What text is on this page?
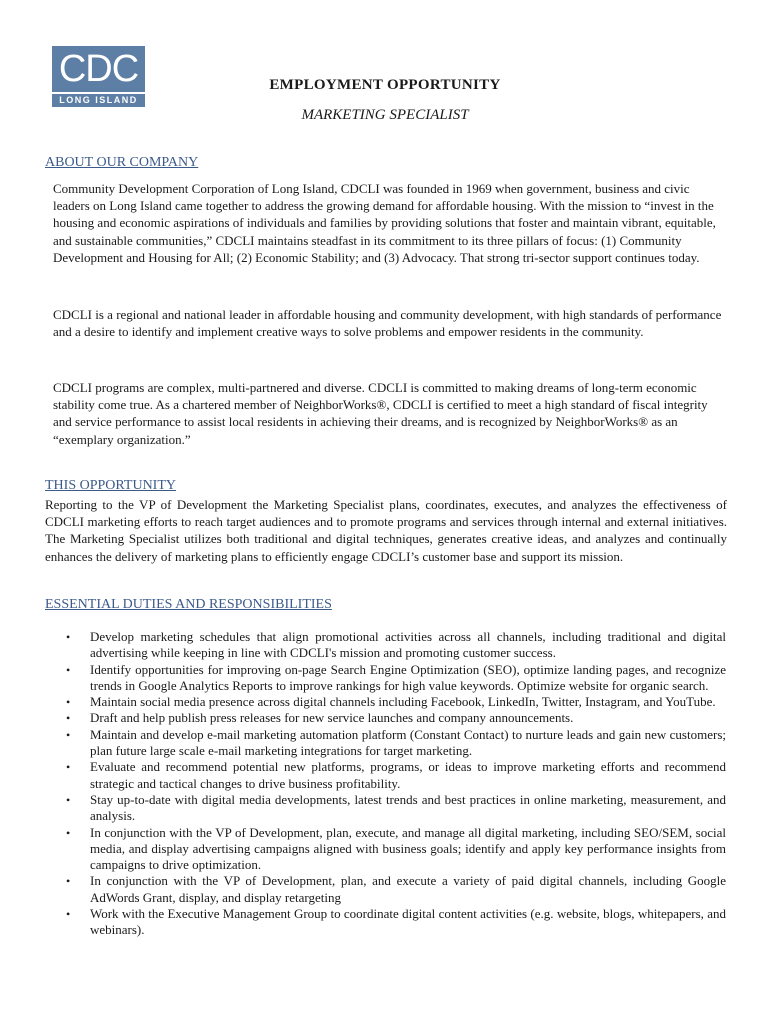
CDC
LONG ISLAND
EMPLOYMENT OPPORTUNITY
MARKETING SPECIALIST
ABOUT OUR COMPANY

Community Development Corporation of Long Island, CDCLI was founded in 1969 when government, business and civic leaders on Long Island came together to address the growing demand for affordable housing. With the mission to “invest in the housing and economic aspirations of individuals and families by providing solutions that foster and maintain vibrant, equitable, and sustainable communities,” CDCLI maintains steadfast in its commitment to its three pillars of focus: (1) Community Development and Housing for All; (2) Economic Stability; and (3) Advocacy. That strong tri-sector support continues today.

CDCLI is a regional and national leader in affordable housing and community development, with high standards of performance and a desire to identify and implement creative ways to solve problems and empower residents in the community.

CDCLI programs are complex, multi-partnered and diverse. CDCLI is committed to making dreams of long-term economic stability come true. As a chartered member of NeighborWorks®, CDCLI is certified to meet a high standard of fiscal integrity and service performance to assist local residents in achieving their dreams, and is recognized by NeighborWorks® as an “exemplary organization.”

THIS OPPORTUNITY

Reporting to the VP of Development the Marketing Specialist plans, coordinates, executes, and analyzes the effectiveness of CDCLI marketing efforts to reach target audiences and to promote programs and services through internal and external initiatives. The Marketing Specialist utilizes both traditional and digital techniques, generates creative ideas, and analyzes and continually enhances the delivery of marketing plans to efficiently engage CDCLI’s customer base and support its mission.

ESSENTIAL DUTIES AND RESPONSIBILITIES
• Develop marketing schedules that align promotional activities across all channels, including traditional and digital advertising while keeping in line with CDCLI's mission and promoting customer success.
• Identify opportunities for improving on-page Search Engine Optimization (SEO), optimize landing pages, and recognize trends in Google Analytics Reports to improve rankings for high value keywords. Optimize website for organic search.
• Maintain social media presence across digital channels including Facebook, LinkedIn, Twitter, Instagram, and YouTube.
• Draft and help publish press releases for new service launches and company announcements.
• Maintain and develop e-mail marketing automation platform (Constant Contact) to nurture leads and gain new customers; plan future large scale e-mail marketing integrations for target marketing.
• Evaluate and recommend potential new platforms, programs, or ideas to improve marketing efforts and recommend strategic and tactical changes to drive business profitability.
• Stay up-to-date with digital media developments, latest trends and best practices in online marketing, measurement, and analysis.
• In conjunction with the VP of Development, plan, execute, and manage all digital marketing, including SEO/SEM, social media, and display advertising campaigns aligned with business goals; identify and apply key performance insights from campaigns to drive optimization.
• In conjunction with the VP of Development, plan, and execute a variety of paid digital channels, including Google AdWords Grant, display, and display retargeting
• Work with the Executive Management Group to coordinate digital content activities (e.g. website, blogs, whitepapers, and webinars).
